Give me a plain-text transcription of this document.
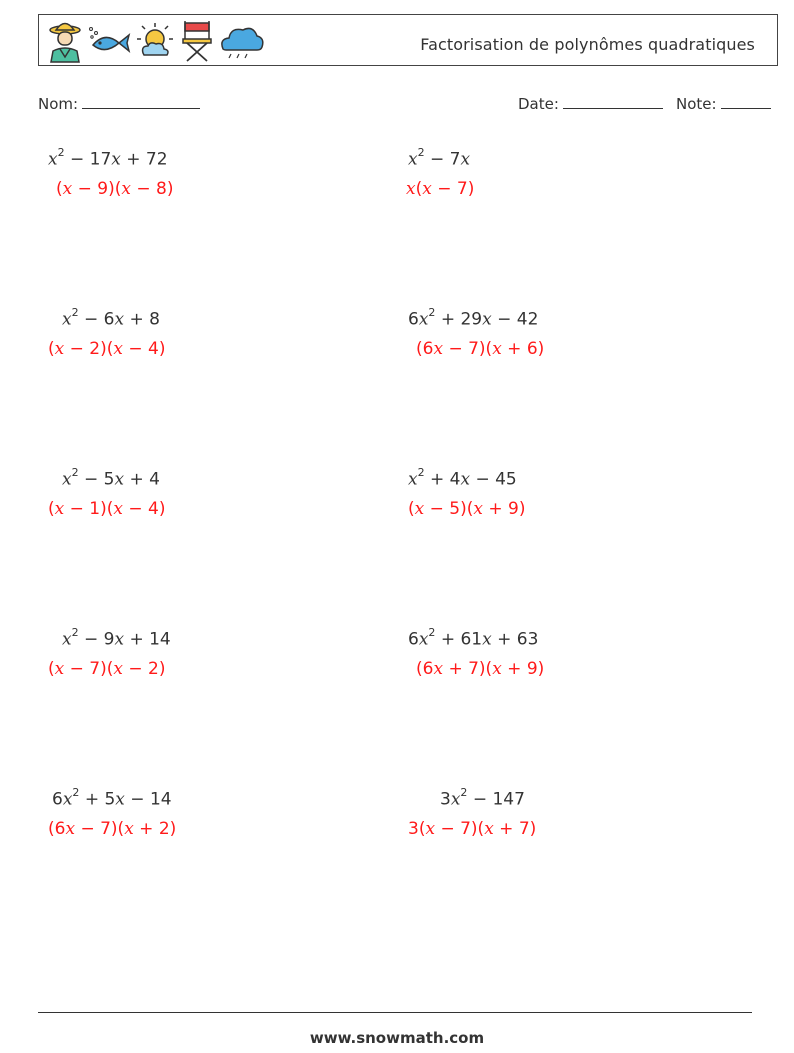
Factorisation de polynômes quadratiques
Nom:	Date:	Note:
$x^2 - 17x + 72$
(x − 9)(x − 8)
$x^2 - 7x$
x(x − 7)
$x^2 - 6x + 8$
(x − 2)(x − 4)
$6x^2 + 29x - 42$
(6x − 7)(x + 6)
$x^2 - 5x + 4$
(x − 1)(x − 4)
$x^2 + 4x - 45$
(x − 5)(x + 9)
$x^2 - 9x + 14$
(x − 7)(x − 2)
$6x^2 + 61x + 63$
(6x + 7)(x + 9)
$6x^2 + 5x - 14$
(6x − 7)(x + 2)
$3x^2 - 147$
3(x − 7)(x + 7)
www.snowmath.com
